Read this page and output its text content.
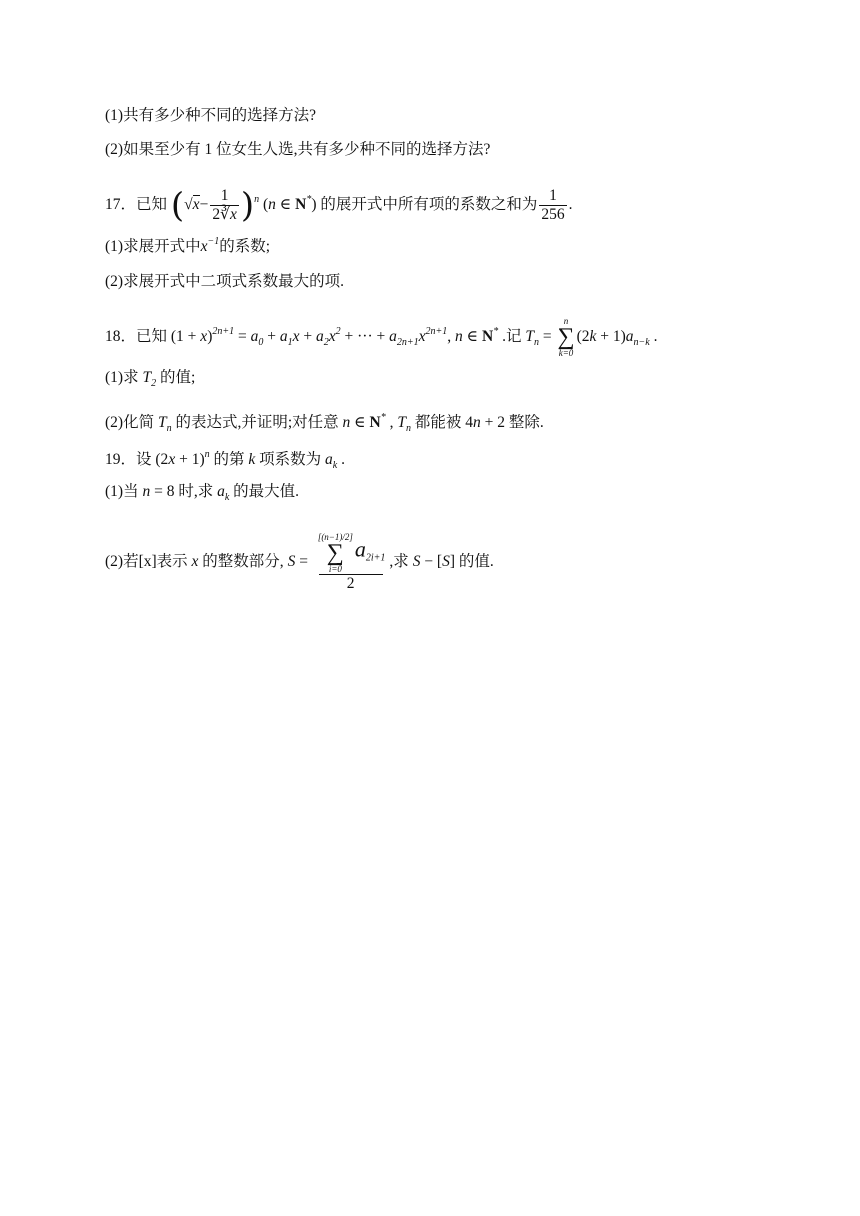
(1)共有多少种不同的选择方法?
(2)如果至少有 1 位女生人选,共有多少种不同的选择方法?
17．已知 $(√x- \frac{1}{2∛x} )^n$ (n ∈ N*) 的展开式中所有项的系数之和为 $\frac{1}{256}$ .
(1)求展开式中$x^{-1}$的系数;
(2)求展开式中二项式系数最大的项.
18．已知 $(1 + x)^{2n+1} = a_0 + a_1x + a_2x^2$ + ··· + $a_{2n+1}x^{2n+1}$, n ∈ N* .记 $T_n$ =
n
∑
k=0
$(2k + 1)a_{n-k}$ .
(1)求 $T_2$ 的值;
(2)化简 $T_n$ 的表达式,并证明;对任意 n ∈ N* , $T_n$ 都能被 4n + 2 整除.
19．设 $(2x + 1)^n$ 的第 k 项系数为 $a_k$ .
(1)当 n = 8 时,求 $a_k$ 的最大值.
(2)若[x]表示 x 的整数部分, S = [(n−1)/2]
∑
i=0
$a_{2i+1}$
2 ,求 S − [S] 的值.
